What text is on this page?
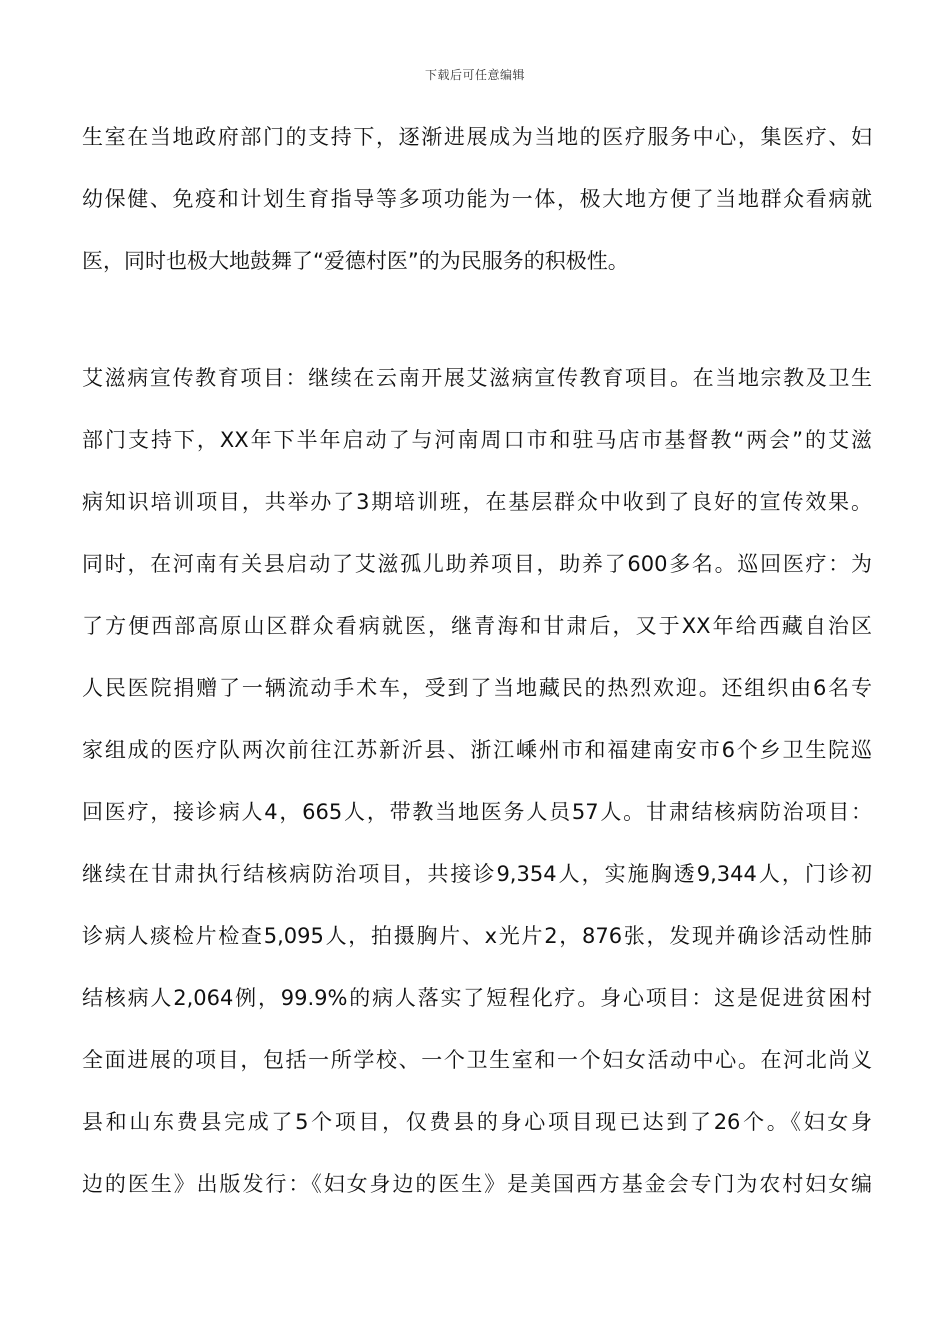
下载后可任意编辑
生室在当地政府部门的支持下，逐渐进展成为当地的医疗服务中心，集医疗、妇
幼保健、免疫和计划生育指导等多项功能为一体，极大地方便了当地群众看病就
医，同时也极大地鼓舞了“爱德村医”的为民服务的积极性。
艾滋病宣传教育项目：继续在云南开展艾滋病宣传教育项目。在当地宗教及卫生
部门支持下，XX年下半年启动了与河南周口市和驻马店市基督教“两会”的艾滋
病知识培训项目，共举办了3期培训班，在基层群众中收到了良好的宣传效果。
同时，在河南有关县启动了艾滋孤儿助养项目，助养了600多名。巡回医疗：为
了方便西部高原山区群众看病就医，继青海和甘肃后，又于XX年给西藏自治区
人民医院捐赠了一辆流动手术车，受到了当地藏民的热烈欢迎。还组织由6名专
家组成的医疗队两次前往江苏新沂县、浙江嵊州市和福建南安市6个乡卫生院巡
回医疗，接诊病人4，665人，带教当地医务人员57人。甘肃结核病防治项目：
继续在甘肃执行结核病防治项目，共接诊9,354人，实施胸透9,344人，门诊初
诊病人痰检片检查5,095人，拍摄胸片、x光片2，876张，发现并确诊活动性肺
结核病人2,064例，99.9%的病人落实了短程化疗。身心项目：这是促进贫困村
全面进展的项目，包括一所学校、一个卫生室和一个妇女活动中心。在河北尚义
县和山东费县完成了5个项目，仅费县的身心项目现已达到了26个。《妇女身
边的医生》出版发行：《妇女身边的医生》是美国西方基金会专门为农村妇女编
